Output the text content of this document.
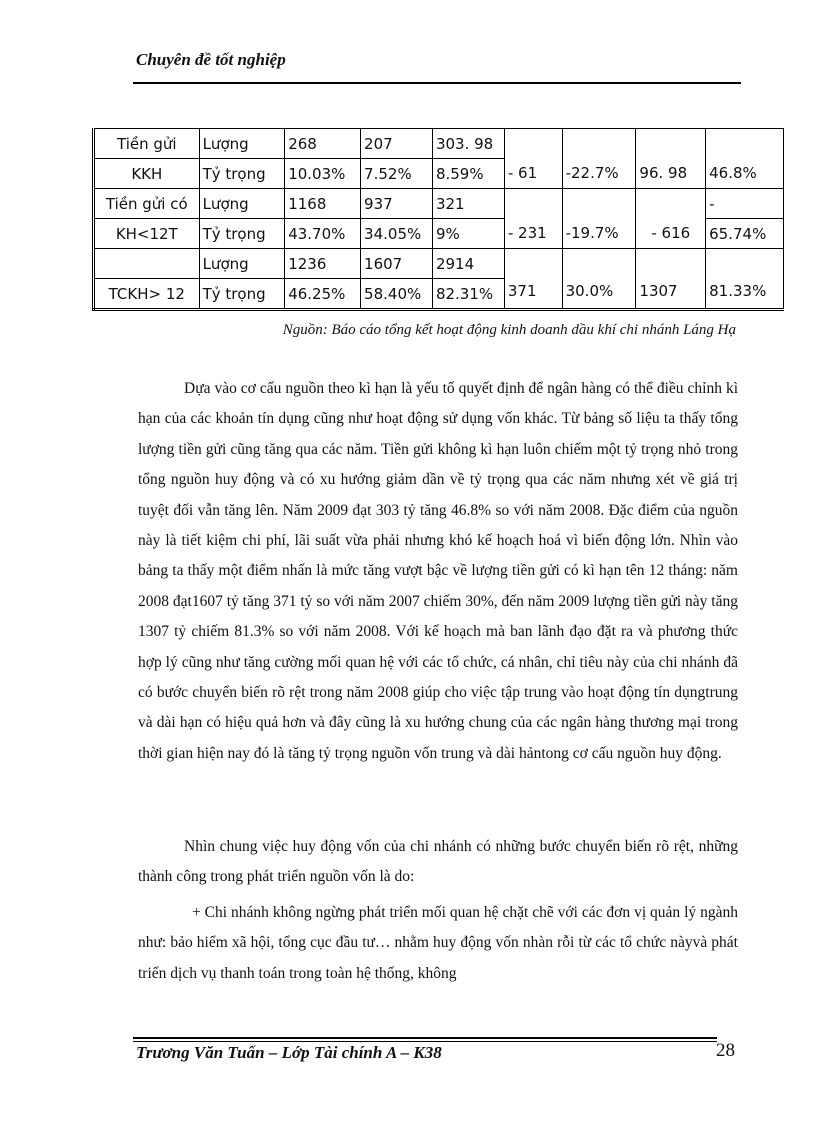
Chuyên đề tốt nghiệp
Tiền gửi	Lượng	268	207	303. 98	- 61	-22.7%	96. 98	46.8%
KKH	Tỷ trọng	10.03%	7.52%	8.59%				
Tiền gửi có	Lượng	1168	937	321	- 231	-19.7%	- 616	-
KH<12T	Tỷ trọng	43.70%	34.05%	9%				65.74%
	Lượng	1236	1607	2914	371	30.0%	1307	81.33%
TCKH> 12	Tỷ trọng	46.25%	58.40%	82.31%				
Nguồn: Báo cáo tổng kết hoạt động kinh doanh dầu khí chi nhánh Láng Hạ

Dựa vào cơ cấu nguồn theo kì hạn là yếu tố quyết định để ngân hàng có thể điều chỉnh kì hạn của các khoản tín dụng cũng như hoạt động sử dụng vốn khác. Từ bảng số liệu ta thấy tổng lượng tiền gửi cũng tăng qua các năm. Tiền gửi không kì hạn luôn chiếm một tỷ trọng nhỏ trong tổng nguồn huy động và có xu hướng giảm dần về tỷ trọng qua các năm nhưng xét về giá trị tuyệt đối vẫn tăng lên. Năm 2009 đạt 303 tỷ tăng 46.8% so với năm 2008. Đặc điểm của nguồn này là tiết kiệm chi phí, lãi suất vừa phải nhưng khó kế hoạch hoá vì biến động lớn. Nhìn vào bảng ta thấy một điểm nhấn là mức tăng vượt bậc về lượng tiền gửi có kì hạn tên 12 tháng: năm 2008 đạt1607 tỷ tăng 371 tỷ so với năm 2007 chiếm 30%, đến năm 2009 lượng tiền gửi này tăng 1307 tỷ chiếm 81.3% so với năm 2008. Với kế hoạch mà ban lãnh đạo đặt ra và phương thức hợp lý cũng như tăng cường mối quan hệ với các tổ chức, cá nhân, chỉ tiêu này của chi nhánh đã có bước chuyển biến rõ rệt trong năm 2008 giúp cho việc tập trung vào hoạt động tín dụngtrung và dài hạn có hiệu quả hơn và đây cũng là xu hướng chung của các ngân hàng thương mại trong thời gian hiện nay đó là tăng tỷ trọng nguồn vốn trung và dài hảntong cơ cấu nguồn huy động.

Nhìn chung việc huy động vốn của chi nhánh có những bước chuyển biến rõ rệt, những thành công trong phát triển nguồn vốn là do:

+ Chi nhánh không ngừng phát triển mối quan hệ chặt chẽ với các đơn vị quản lý ngành như: bảo hiểm xã hội, tổng cục đầu tư… nhằm huy động vốn nhàn rỗi từ các tổ chức nàyvà phát triển dịch vụ thanh toán trong toàn hệ thống, không

Trương Văn Tuấn – Lớp Tài chính A – K38	28
